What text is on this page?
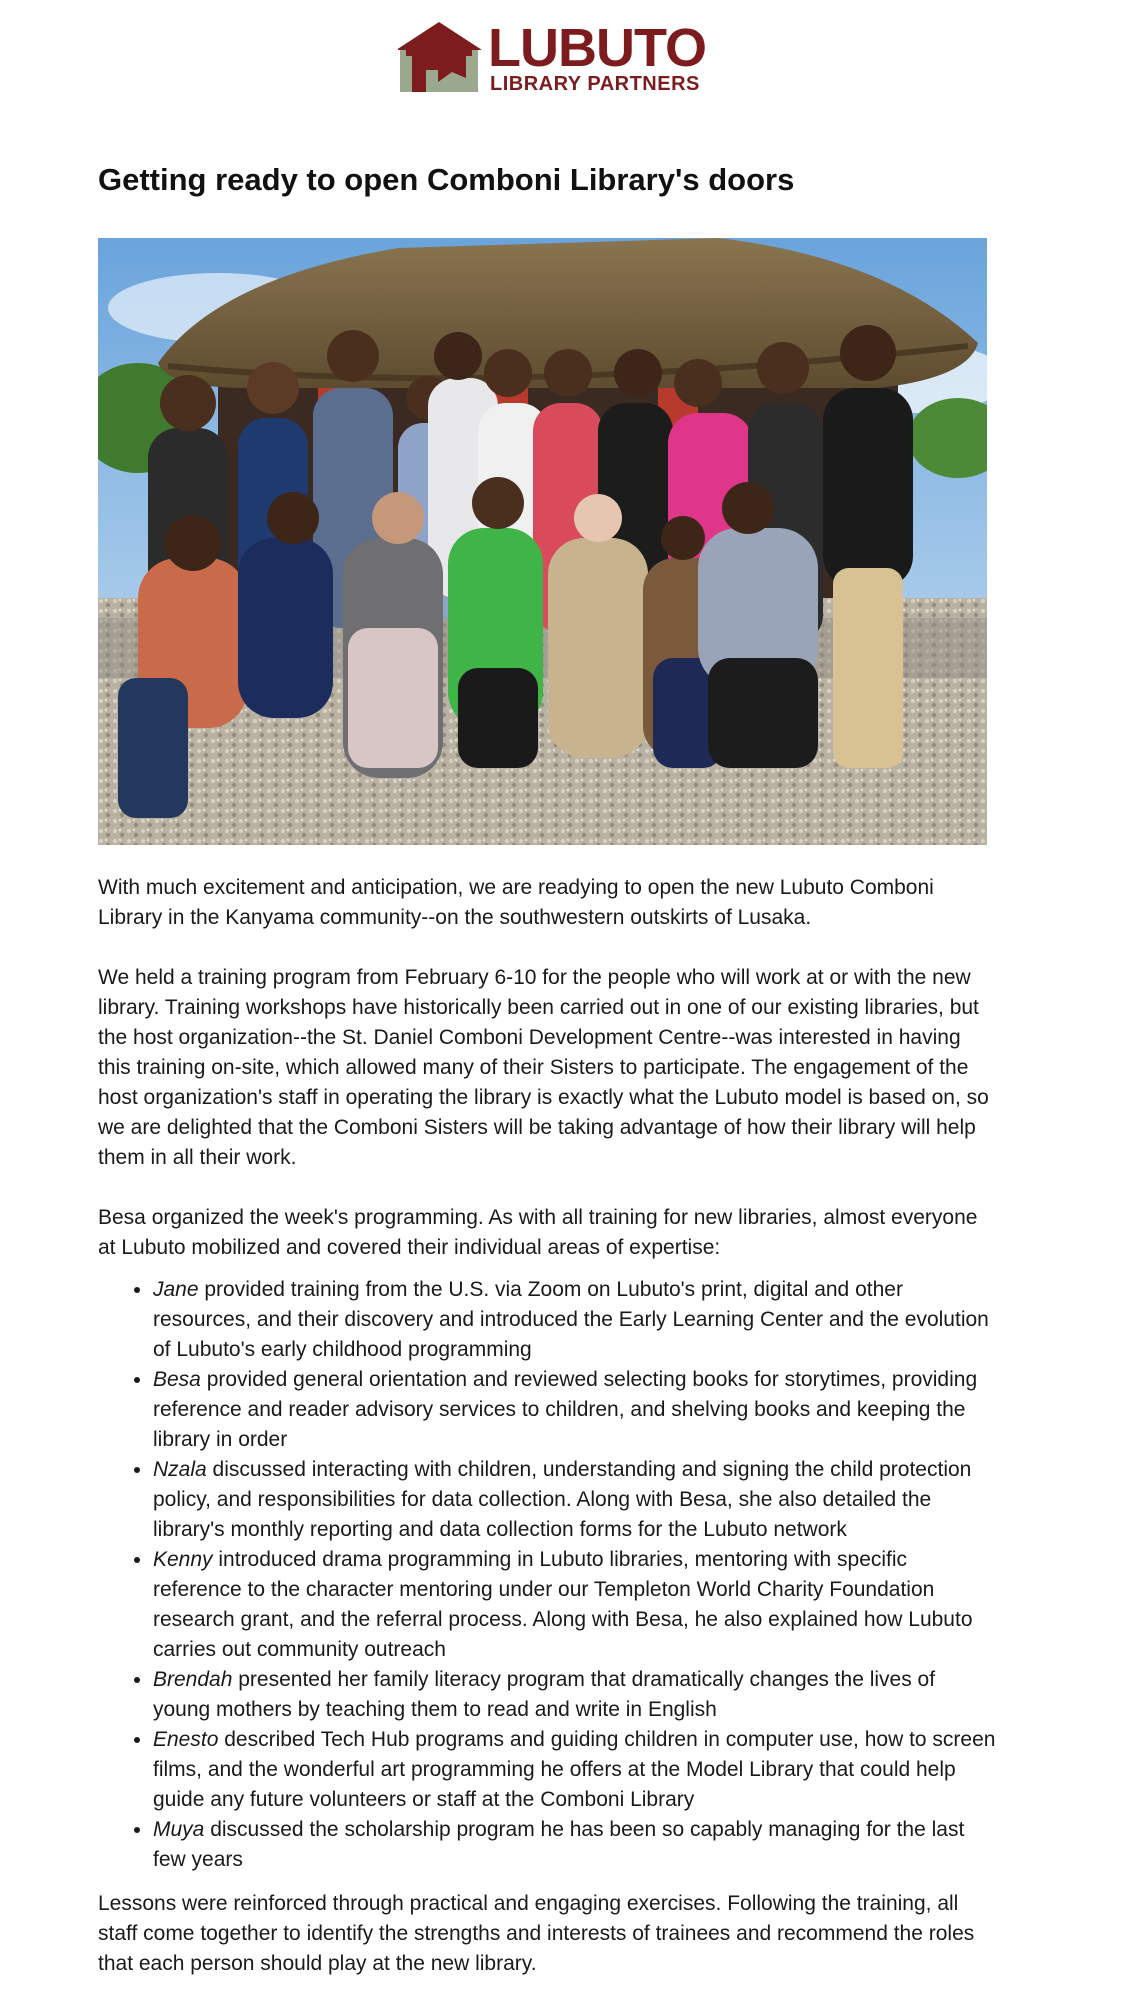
LUBUTO
LIBRARY PARTNERS
Getting ready to open Comboni Library's doors

With much excitement and anticipation, we are readying to open the new Lubuto Comboni Library in the Kanyama community--on the southwestern outskirts of Lusaka.

We held a training program from February 6-10 for the people who will work at or with the new library. Training workshops have historically been carried out in one of our existing libraries, but the host organization--the St. Daniel Comboni Development Centre--was interested in having this training on-site, which allowed many of their Sisters to participate. The engagement of the host organization's staff in operating the library is exactly what the Lubuto model is based on, so we are delighted that the Comboni Sisters will be taking advantage of how their library will help them in all their work.

Besa organized the week's programming. As with all training for new libraries, almost everyone at Lubuto mobilized and covered their individual areas of expertise:

• Jane provided training from the U.S. via Zoom on Lubuto's print, digital and other resources, and their discovery and introduced the Early Learning Center and the evolution of Lubuto's early childhood programming
• Besa provided general orientation and reviewed selecting books for storytimes, providing reference and reader advisory services to children, and shelving books and keeping the library in order
• Nzala discussed interacting with children, understanding and signing the child protection policy, and responsibilities for data collection. Along with Besa, she also detailed the library's monthly reporting and data collection forms for the Lubuto network
• Kenny introduced drama programming in Lubuto libraries, mentoring with specific reference to the character mentoring under our Templeton World Charity Foundation research grant, and the referral process. Along with Besa, he also explained how Lubuto carries out community outreach
• Brendah presented her family literacy program that dramatically changes the lives of young mothers by teaching them to read and write in English
• Enesto described Tech Hub programs and guiding children in computer use, how to screen films, and the wonderful art programming he offers at the Model Library that could help guide any future volunteers or staff at the Comboni Library
• Muya discussed the scholarship program he has been so capably managing for the last few years

Lessons were reinforced through practical and engaging exercises. Following the training, all staff come together to identify the strengths and interests of trainees and recommend the roles that each person should play at the new library.
